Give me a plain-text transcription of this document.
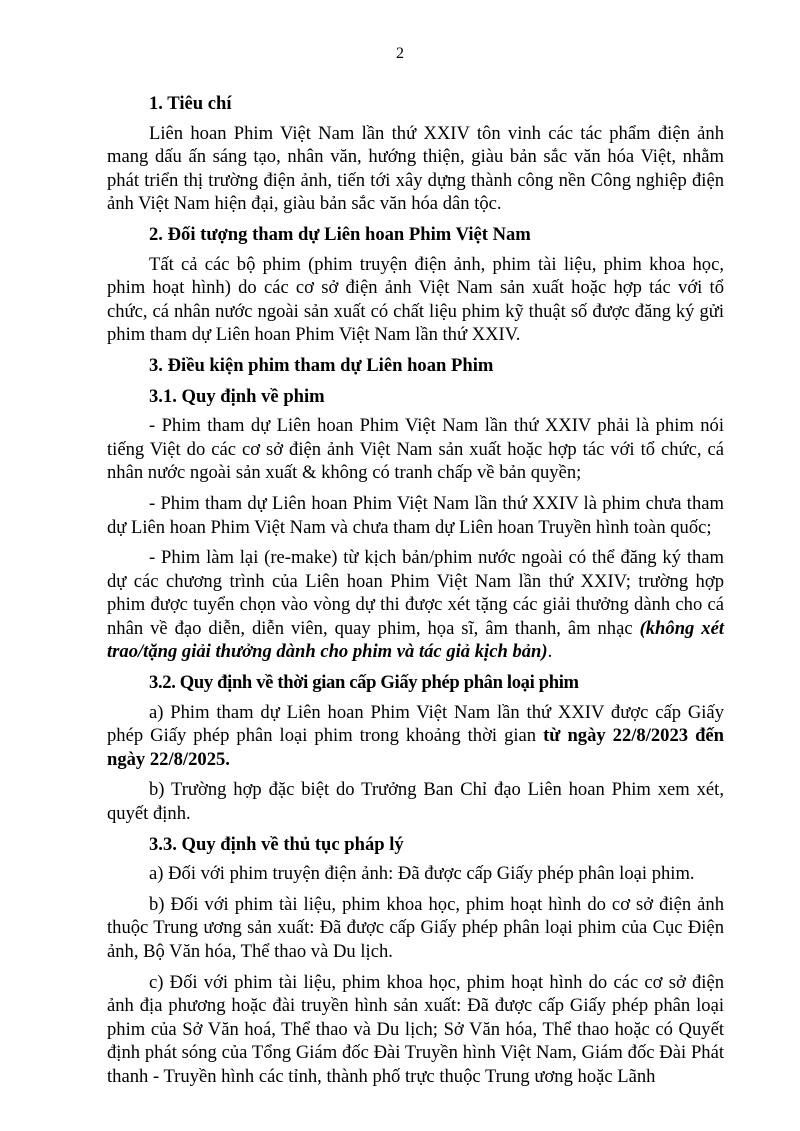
2

1. Tiêu chí

Liên hoan Phim Việt Nam lần thứ XXIV tôn vinh các tác phẩm điện ảnh mang dấu ấn sáng tạo, nhân văn, hướng thiện, giàu bản sắc văn hóa Việt, nhằm phát triển thị trường điện ảnh, tiến tới xây dựng thành công nền Công nghiệp điện ảnh Việt Nam hiện đại, giàu bản sắc văn hóa dân tộc.

2. Đối tượng tham dự Liên hoan Phim Việt Nam

Tất cả các bộ phim (phim truyện điện ảnh, phim tài liệu, phim khoa học, phim hoạt hình) do các cơ sở điện ảnh Việt Nam sản xuất hoặc hợp tác với tổ chức, cá nhân nước ngoài sản xuất có chất liệu phim kỹ thuật số được đăng ký gửi phim tham dự Liên hoan Phim Việt Nam lần thứ XXIV.

3. Điều kiện phim tham dự Liên hoan Phim

3.1. Quy định về phim

- Phim tham dự Liên hoan Phim Việt Nam lần thứ XXIV phải là phim nói tiếng Việt do các cơ sở điện ảnh Việt Nam sản xuất hoặc hợp tác với tổ chức, cá nhân nước ngoài sản xuất & không có tranh chấp về bản quyền;

- Phim tham dự Liên hoan Phim Việt Nam lần thứ XXIV là phim chưa tham dự Liên hoan Phim Việt Nam và chưa tham dự Liên hoan Truyền hình toàn quốc;

- Phim làm lại (re-make) từ kịch bản/phim nước ngoài có thể đăng ký tham dự các chương trình của Liên hoan Phim Việt Nam lần thứ XXIV; trường hợp phim được tuyển chọn vào vòng dự thi được xét tặng các giải thưởng dành cho cá nhân về đạo diễn, diễn viên, quay phim, họa sĩ, âm thanh, âm nhạc (không xét trao/tặng giải thưởng dành cho phim và tác giả kịch bản).

3.2. Quy định về thời gian cấp Giấy phép phân loại phim

a) Phim tham dự Liên hoan Phim Việt Nam lần thứ XXIV được cấp Giấy phép Giấy phép phân loại phim trong khoảng thời gian từ ngày 22/8/2023 đến ngày 22/8/2025.

b) Trường hợp đặc biệt do Trưởng Ban Chỉ đạo Liên hoan Phim xem xét, quyết định.

3.3. Quy định về thủ tục pháp lý

a) Đối với phim truyện điện ảnh: Đã được cấp Giấy phép phân loại phim.

b) Đối với phim tài liệu, phim khoa học, phim hoạt hình do cơ sở điện ảnh thuộc Trung ương sản xuất: Đã được cấp Giấy phép phân loại phim của Cục Điện ảnh, Bộ Văn hóa, Thể thao và Du lịch.

c) Đối với phim tài liệu, phim khoa học, phim hoạt hình do các cơ sở điện ảnh địa phương hoặc đài truyền hình sản xuất: Đã được cấp Giấy phép phân loại phim của Sở Văn hoá, Thể thao và Du lịch; Sở Văn hóa, Thể thao hoặc có Quyết định phát sóng của Tổng Giám đốc Đài Truyền hình Việt Nam, Giám đốc Đài Phát thanh - Truyền hình các tỉnh, thành phố trực thuộc Trung ương hoặc Lãnh
